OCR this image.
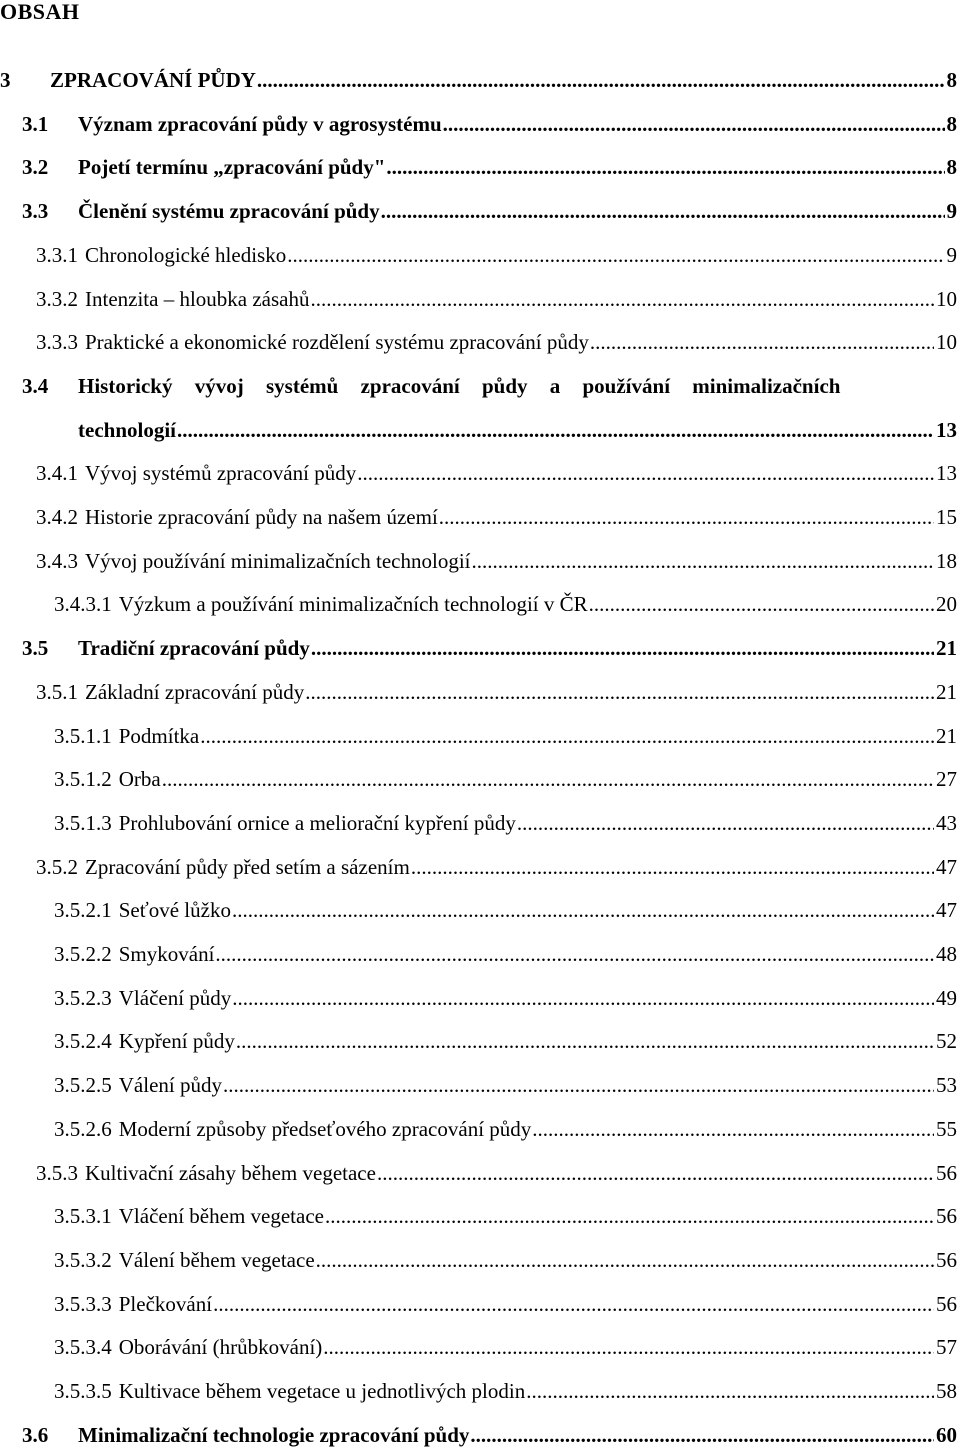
OBSAH
3	ZPRACOVÁNÍ PŮDY .....	8
3.1	Význam zpracování půdy v agrosystému .....	8
3.2	Pojetí termínu „zpracování půdy" .....	8
3.3	Členění systému zpracování půdy .....	9
3.3.1 Chronologické hledisko .....	9
3.3.2 Intenzita – hloubka zásahů .....	10
3.3.3 Praktické a ekonomické rozdělení systému zpracování půdy .....	10
3.4 Historický vývoj systémů zpracování půdy a používání minimalizačních
technologií .....	13
3.4.1 Vývoj systémů zpracování půdy .....	13
3.4.2 Historie zpracování půdy na našem území .....	15
3.4.3 Vývoj používání minimalizačních technologií .....	18
3.4.3.1 Výzkum a používání minimalizačních technologií v ČR .....	20
3.5	Tradiční zpracování půdy .....	21
3.5.1 Základní zpracování půdy .....	21
3.5.1.1 Podmítka .....	21
3.5.1.2 Orba .....	27
3.5.1.3 Prohlubování ornice a meliorační kypření půdy .....	43
3.5.2 Zpracování půdy před setím a sázením .....	47
3.5.2.1 Seťové lůžko .....	47
3.5.2.2 Smykování .....	48
3.5.2.3 Vláčení půdy .....	49
3.5.2.4 Kypření půdy .....	52
3.5.2.5 Válení půdy .....	53
3.5.2.6 Moderní způsoby předseťového zpracování půdy .....	55
3.5.3 Kultivační zásahy během vegetace .....	56
3.5.3.1 Vláčení během vegetace .....	56
3.5.3.2 Válení během vegetace .....	56
3.5.3.3 Plečkování .....	56
3.5.3.4 Oborávání (hrůbkování) .....	57
3.5.3.5 Kultivace během vegetace u jednotlivých plodin .....	58
3.6	Minimalizační technologie zpracování půdy .....	60
